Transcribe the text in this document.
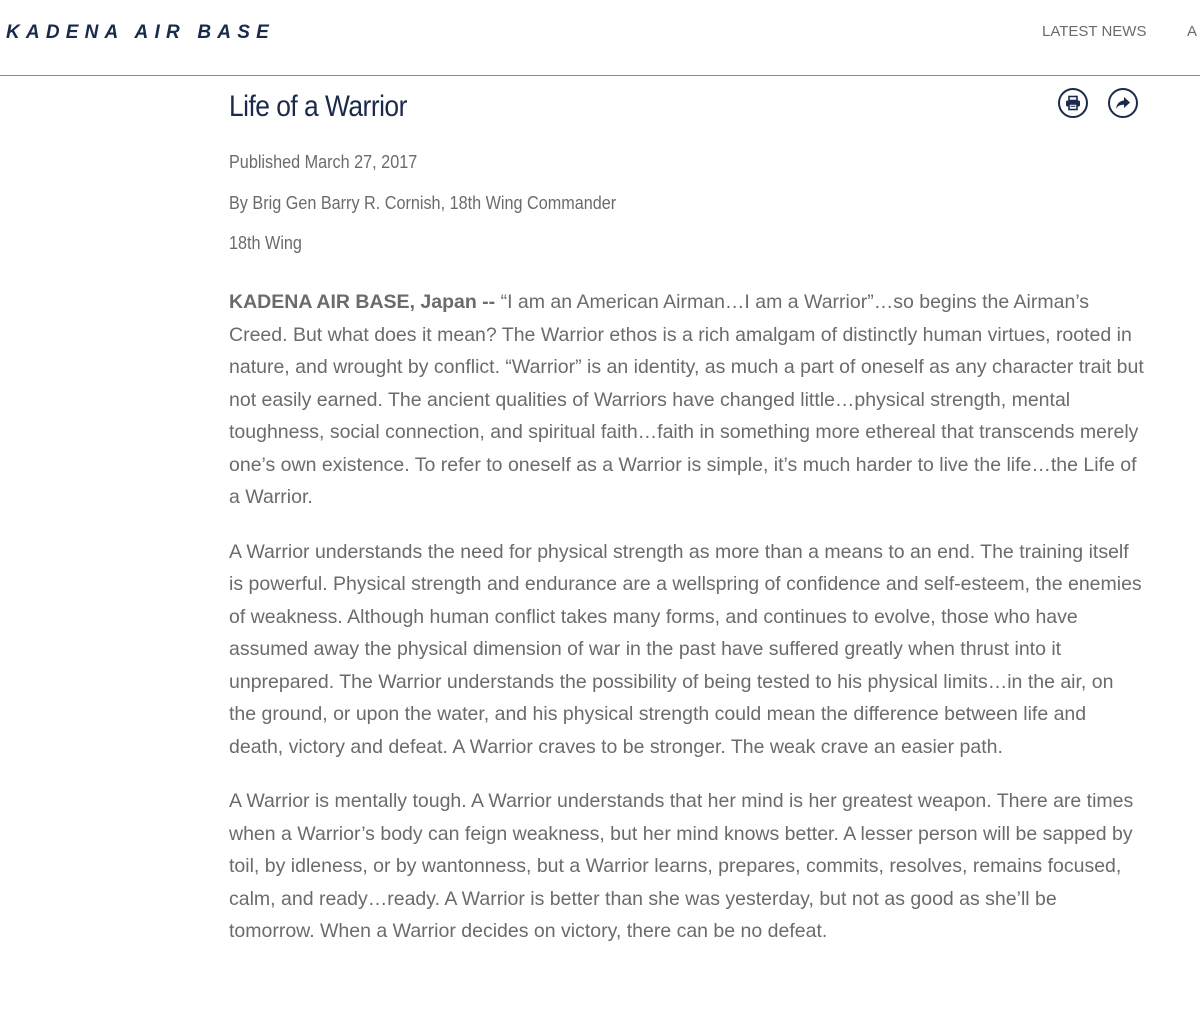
KADENA AIR BASE	LATEST NEWS	A
Life of a Warrior
Published March 27, 2017
By Brig Gen Barry R. Cornish, 18th Wing Commander
18th Wing

KADENA AIR BASE, Japan -- “I am an American Airman…I am a Warrior”…so begins the Airman’s Creed. But what does it mean? The Warrior ethos is a rich amalgam of distinctly human virtues, rooted in nature, and wrought by conflict. “Warrior” is an identity, as much a part of oneself as any character trait but not easily earned. The ancient qualities of Warriors have changed little…physical strength, mental toughness, social connection, and spiritual faith…faith in something more ethereal that transcends merely one’s own existence. To refer to oneself as a Warrior is simple, it’s much harder to live the life…the Life of a Warrior.

A Warrior understands the need for physical strength as more than a means to an end. The training itself is powerful. Physical strength and endurance are a wellspring of confidence and self-esteem, the enemies of weakness. Although human conflict takes many forms, and continues to evolve, those who have assumed away the physical dimension of war in the past have suffered greatly when thrust into it unprepared. The Warrior understands the possibility of being tested to his physical limits…in the air, on the ground, or upon the water, and his physical strength could mean the difference between life and death, victory and defeat. A Warrior craves to be stronger. The weak crave an easier path.

A Warrior is mentally tough. A Warrior understands that her mind is her greatest weapon. There are times when a Warrior’s body can feign weakness, but her mind knows better. A lesser person will be sapped by toil, by idleness, or by wantonness, but a Warrior learns, prepares, commits, resolves, remains focused, calm, and ready…ready. A Warrior is better than she was yesterday, but not as good as she’ll be tomorrow. When a Warrior decides on victory, there can be no defeat.
